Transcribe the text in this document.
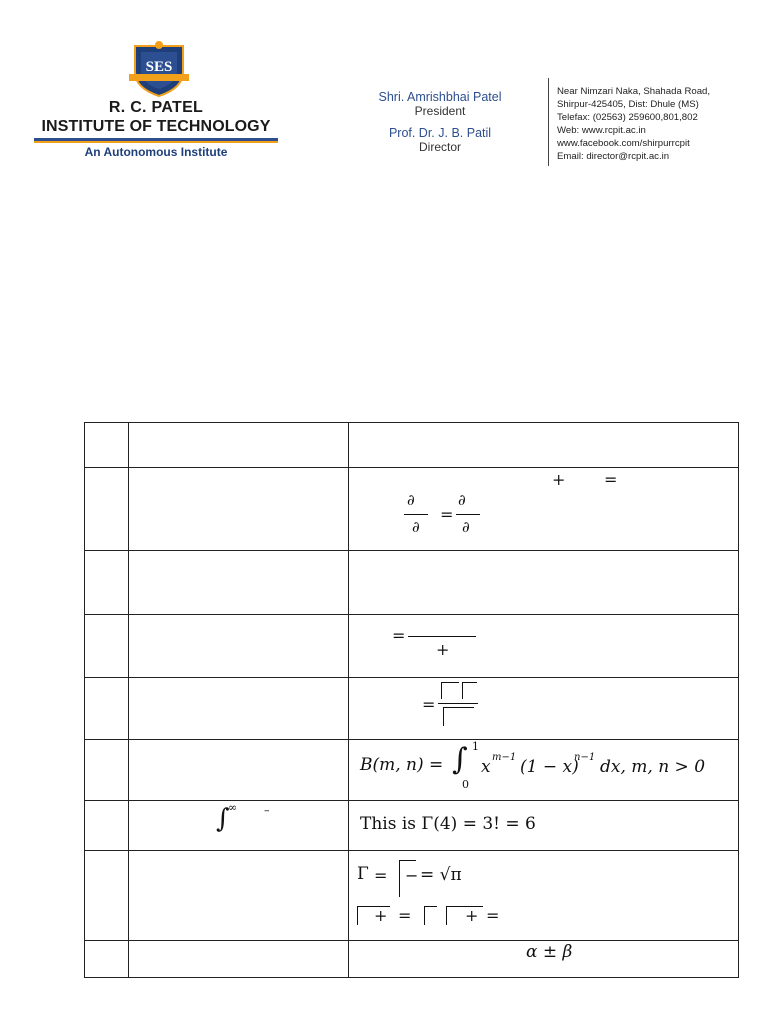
SES
R. C. PATEL
INSTITUTE OF TECHNOLOGY
An Autonomous Institute
Shri. Amrishbhai Patel
President
Prof. Dr. J. B. Patil
Director
Near Nimzari Naka, Shahada Road,
Shirpur-425405, Dist: Dhule (MS)
Telefax: (02563) 259600,801,802
Web: www.rcpit.ac.in
www.facebook.com/shirpurrcpit
Email: director@rcpit.ac.in
+ =
∂
∂
=
∂
∂
=
+
=
B(m, n) = ∫ 1
0
x m−1 (1 − x)
n−1 dx, m, n > 0
∫
∞ –
This is Γ(4) = 3! = 6
Γ = − = √π
+ =	+ =
α ± β
